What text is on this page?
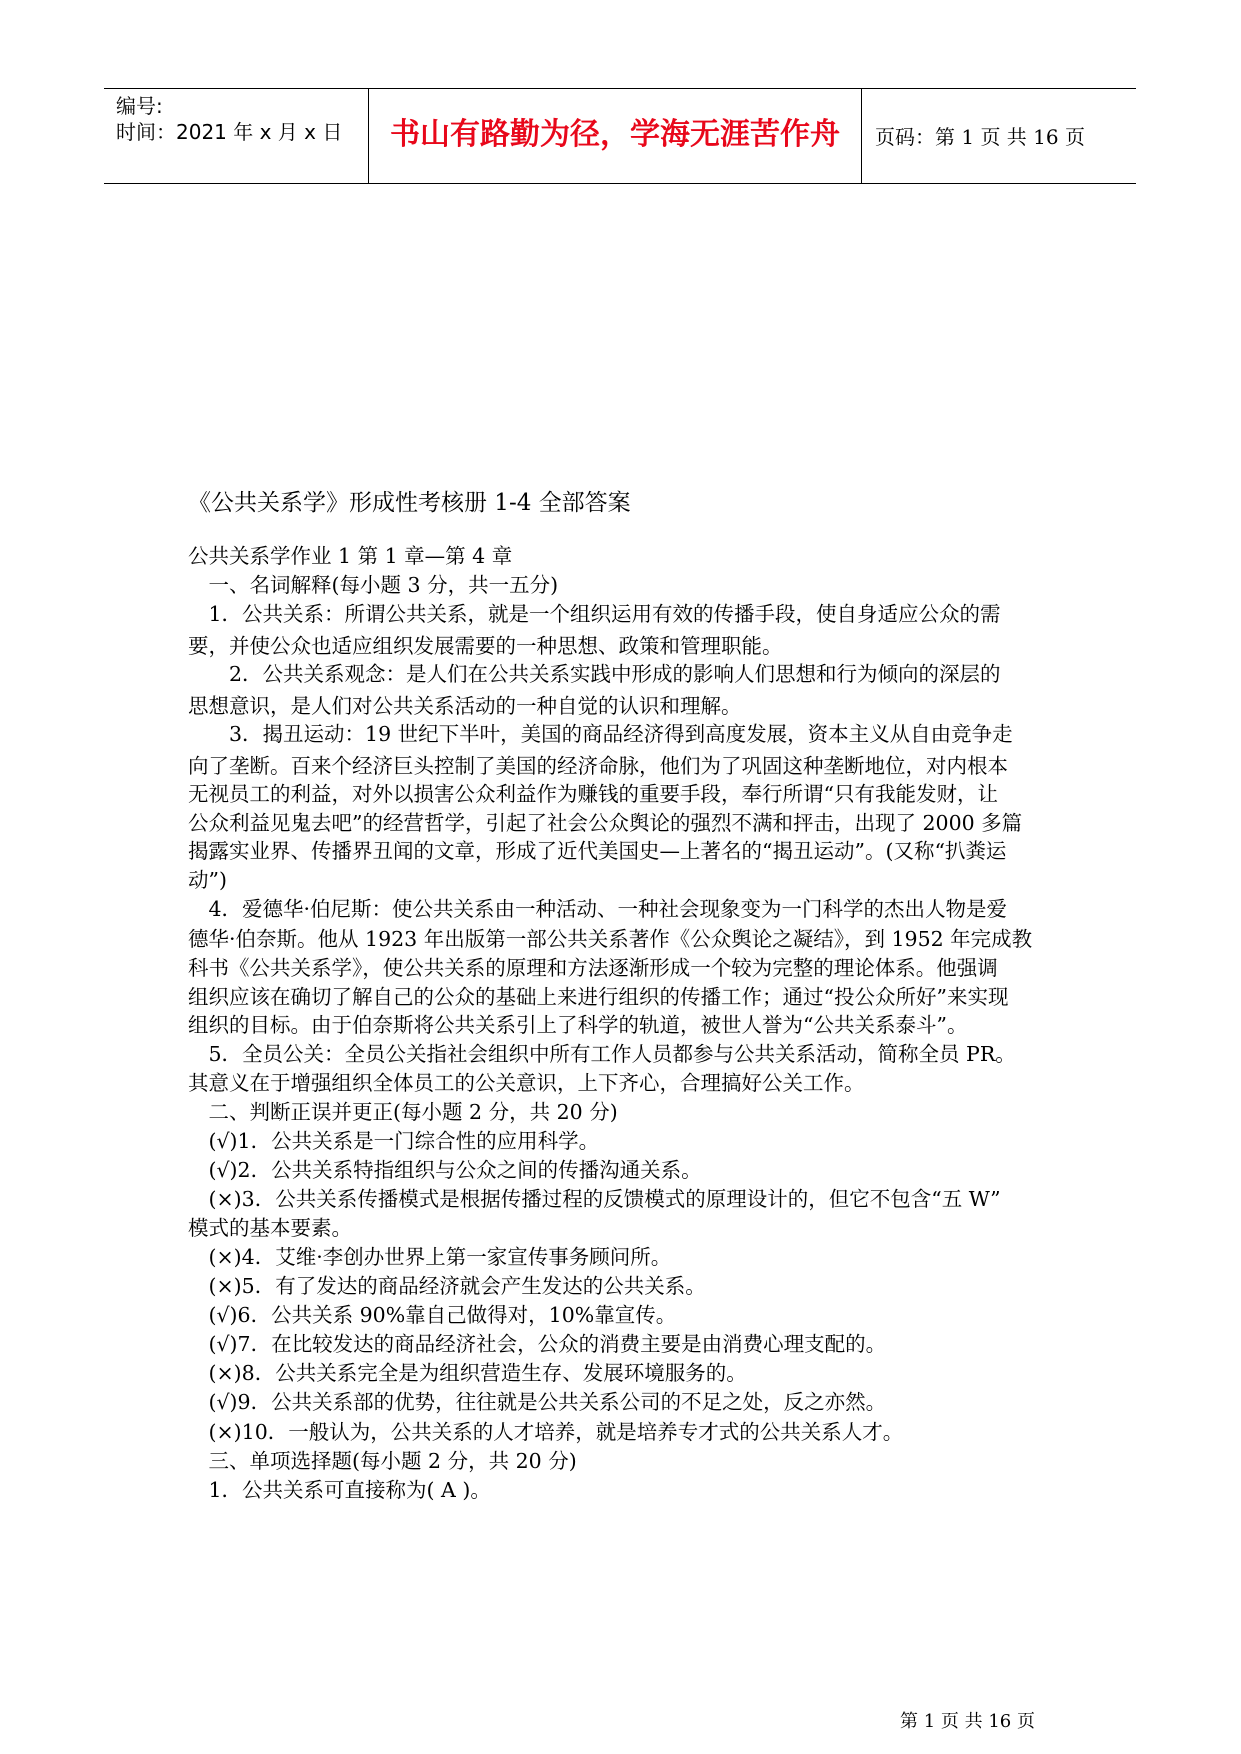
编号:
时间：2021 年 x 月 x 日	书山有路勤为径，学海无涯苦作舟	页码：第 1 页 共 16 页
《公共关系学》形成性考核册 1-4 全部答案
公共关系学作业 1 第 1 章—第 4 章
　一、名词解释(每小题 3 分，共一五分)
　1．公共关系：所谓公共关系，就是一个组织运用有效的传播手段，使自身适应公众的需
要，并使公众也适应组织发展需要的一种思想、政策和管理职能。
　　2．公共关系观念：是人们在公共关系实践中形成的影响人们思想和行为倾向的深层的
思想意识，是人们对公共关系活动的一种自觉的认识和理解。
　　3．揭丑运动：19 世纪下半叶，美国的商品经济得到高度发展，资本主义从自由竞争走
向了垄断。百来个经济巨头控制了美国的经济命脉，他们为了巩固这种垄断地位，对内根本
无视员工的利益，对外以损害公众利益作为赚钱的重要手段，奉行所谓“只有我能发财，让
公众利益见鬼去吧”的经营哲学，引起了社会公众舆论的强烈不满和抨击，出现了 2000 多篇
揭露实业界、传播界丑闻的文章，形成了近代美国史—上著名的“揭丑运动”。(又称“扒粪运
动”)
　4．爱德华·伯尼斯：使公共关系由一种活动、一种社会现象变为一门科学的杰出人物是爱
德华·伯奈斯。他从 1923 年出版第一部公共关系著作《公众舆论之凝结》，到 1952 年完成教
科书《公共关系学》，使公共关系的原理和方法逐渐形成一个较为完整的理论体系。他强调
组织应该在确切了解自己的公众的基础上来进行组织的传播工作；通过“投公众所好”来实现
组织的目标。由于伯奈斯将公共关系引上了科学的轨道，被世人誉为“公共关系泰斗”。
　5．全员公关：全员公关指社会组织中所有工作人员都参与公共关系活动，简称全员 PR。
其意义在于增强组织全体员工的公关意识，上下齐心，合理搞好公关工作。
　二、判断正误并更正(每小题 2 分，共 20 分)
　(√)1．公共关系是一门综合性的应用科学。
　(√)2．公共关系特指组织与公众之间的传播沟通关系。
　(×)3．公共关系传播模式是根据传播过程的反馈模式的原理设计的，但它不包含“五 W”
模式的基本要素。
　(×)4．艾维·李创办世界上第一家宣传事务顾问所。
　(×)5．有了发达的商品经济就会产生发达的公共关系。
　(√)6．公共关系 90%靠自己做得对，10%靠宣传。
　(√)7．在比较发达的商品经济社会，公众的消费主要是由消费心理支配的。
　(×)8．公共关系完全是为组织营造生存、发展环境服务的。
　(√)9．公共关系部的优势，往往就是公共关系公司的不足之处，反之亦然。
　(×)10．一般认为，公共关系的人才培养，就是培养专才式的公共关系人才。
　三、单项选择题(每小题 2 分，共 20 分)
　1．公共关系可直接称为( A )。
第 1 页 共 16 页
